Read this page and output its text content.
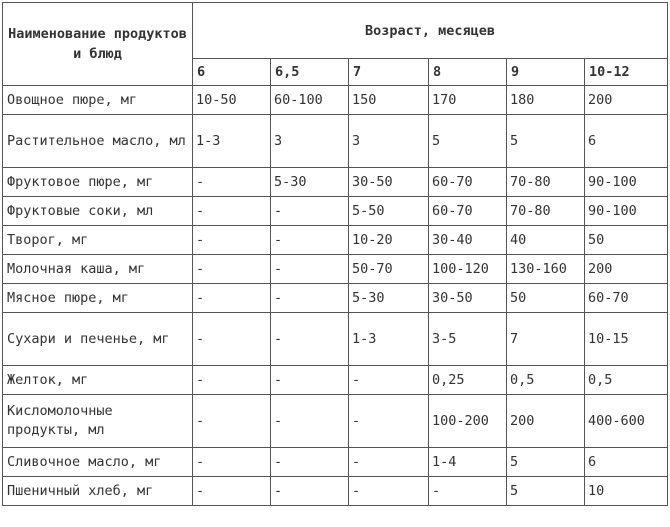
Наименование продуктов и блюд	Возраст, месяцев					
	6	6,5	7	8	9	10-12
Овощное пюре, мг	10-50	60-100	150	170	180	200
Растительное масло, мл	1-3	3	3	5	5	6
Фруктовое пюре, мг	-	5-30	30-50	60-70	70-80	90-100
Фруктовые соки, мл	-	-	5-50	60-70	70-80	90-100
Творог, мг	-	-	10-20	30-40	40	50
Молочная каша, мг	-	-	50-70	100-120	130-160	200
Мясное пюре, мг	-	-	5-30	30-50	50	60-70
Сухари и печенье, мг	-	-	1-3	3-5	7	10-15
Желток, мг	-	-	-	0,25	0,5	0,5
Кисломолочные продукты, мл	-	-	-	100-200	200	400-600
Сливочное масло, мг	-	-	-	1-4	5	6
Пшеничный хлеб, мг	-	-	-	-	5	10
